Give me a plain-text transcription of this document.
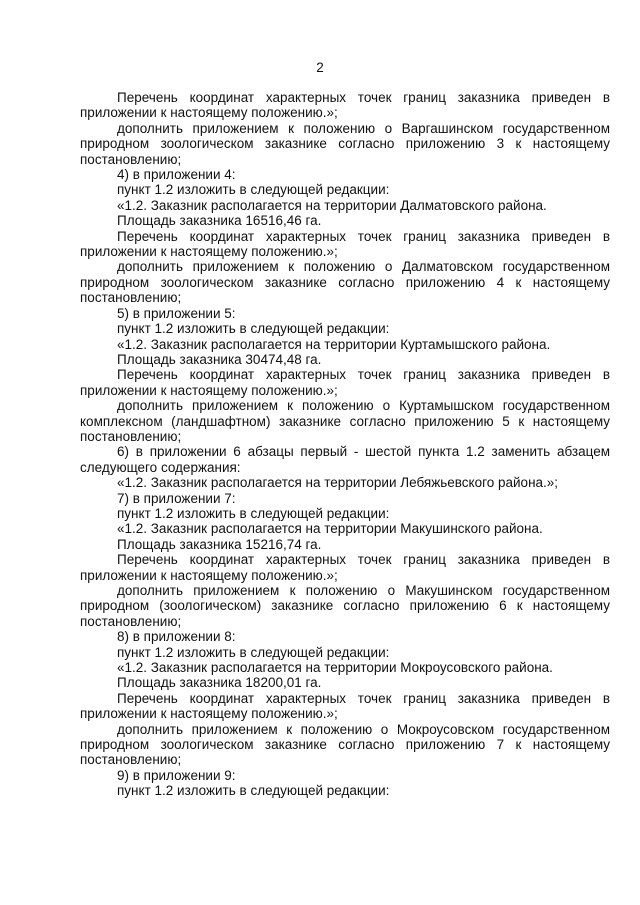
2

Перечень координат характерных точек границ заказника приведен в приложении к настоящему положению.»;

дополнить приложением к положению о Варгашинском государственном природном зоологическом заказнике согласно приложению 3 к настоящему постановлению;

4) в приложении 4:

пункт 1.2 изложить в следующей редакции:

«1.2. Заказник располагается на территории Далматовского района.

Площадь заказника 16516,46 га.

Перечень координат характерных точек границ заказника приведен в приложении к настоящему положению.»;

дополнить приложением к положению о Далматовском государственном природном зоологическом заказнике согласно приложению 4 к настоящему постановлению;

5) в приложении 5:

пункт 1.2 изложить в следующей редакции:

«1.2. Заказник располагается на территории Куртамышского района.

Площадь заказника 30474,48 га.

Перечень координат характерных точек границ заказника приведен в приложении к настоящему положению.»;

дополнить приложением к положению о Куртамышском государственном комплексном (ландшафтном) заказнике согласно приложению 5 к настоящему постановлению;

6) в приложении 6 абзацы первый - шестой пункта 1.2 заменить абзацем следующего содержания:

«1.2. Заказник располагается на территории Лебяжьевского района.»;

7) в приложении 7:

пункт 1.2 изложить в следующей редакции:

«1.2. Заказник располагается на территории Макушинского района.

Площадь заказника 15216,74 га.

Перечень координат характерных точек границ заказника приведен в приложении к настоящему положению.»;

дополнить приложением к положению о Макушинском государственном природном (зоологическом) заказнике согласно приложению 6 к настоящему постановлению;

8) в приложении 8:

пункт 1.2 изложить в следующей редакции:

«1.2. Заказник располагается на территории Мокроусовского района.

Площадь заказника 18200,01 га.

Перечень координат характерных точек границ заказника приведен в приложении к настоящему положению.»;

дополнить приложением к положению о Мокроусовском государственном природном зоологическом заказнике согласно приложению 7 к настоящему постановлению;

9) в приложении 9:

пункт 1.2 изложить в следующей редакции:
